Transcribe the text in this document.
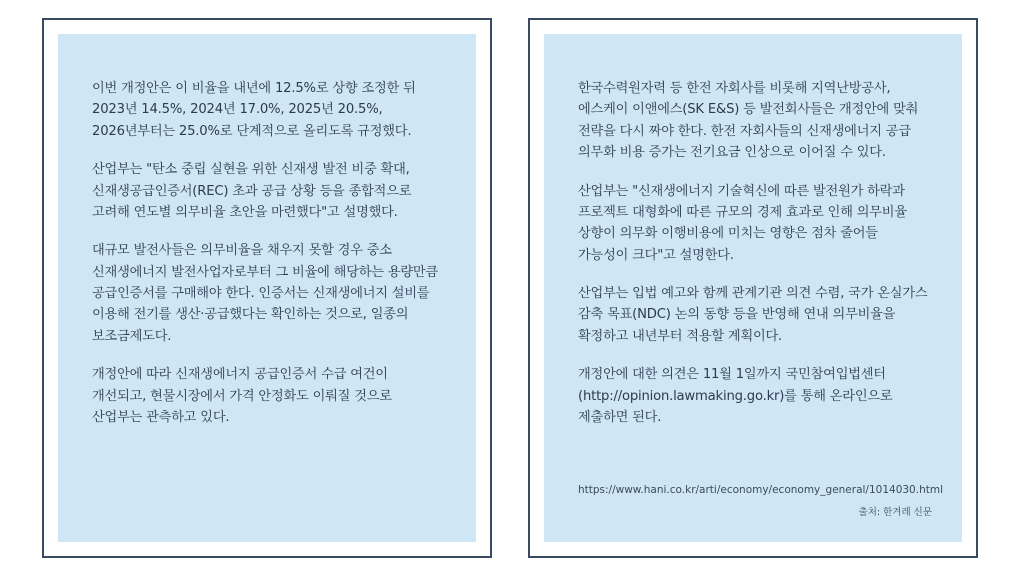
이번 개정안은 이 비율을 내년에 12.5%로 상향 조정한 뒤 2023년 14.5%, 2024년 17.0%, 2025년 20.5%, 2026년부터는 25.0%로 단계적으로 올리도록 규정했다.

산업부는 "탄소 중립 실현을 위한 신재생 발전 비중 확대, 신재생공급인증서(REC) 초과 공급 상황 등을 종합적으로 고려해 연도별 의무비율 초안을 마련했다"고 설명했다.

대규모 발전사들은 의무비율을 채우지 못할 경우 중소 신재생에너지 발전사업자로부터 그 비율에 해당하는 용량만큼 공급인증서를 구매해야 한다. 인증서는 신재생에너지 설비를 이용해 전기를 생산·공급했다는 확인하는 것으로, 일종의 보조금제도다.

개정안에 따라 신재생에너지 공급인증서 수급 여건이 개선되고, 현물시장에서 가격 안정화도 이뤄질 것으로 산업부는 관측하고 있다.

한국수력원자력 등 한전 자회사를 비롯해 지역난방공사, 에스케이 이앤에스(SK E&S) 등 발전회사들은 개정안에 맞춰 전략을 다시 짜야 한다. 한전 자회사들의 신재생에너지 공급 의무화 비용 증가는 전기요금 인상으로 이어질 수 있다.

산업부는 "신재생에너지 기술혁신에 따른 발전원가 하락과 프로젝트 대형화에 따른 규모의 경제 효과로 인해 의무비율 상향이 의무화 이행비용에 미치는 영향은 점차 줄어들 가능성이 크다"고 설명한다.

산업부는 입법 예고와 함께 관계기관 의견 수렴, 국가 온실가스 감축 목표(NDC) 논의 동향 등을 반영해 연내 의무비율을 확정하고 내년부터 적용할 계획이다.

개정안에 대한 의견은 11월 1일까지 국민참여입법센터(http://opinion.lawmaking.go.kr)를 통해 온라인으로 제출하면 된다.

https://www.hani.co.kr/arti/economy/economy_general/1014030.html

출처: 한겨레 신문
